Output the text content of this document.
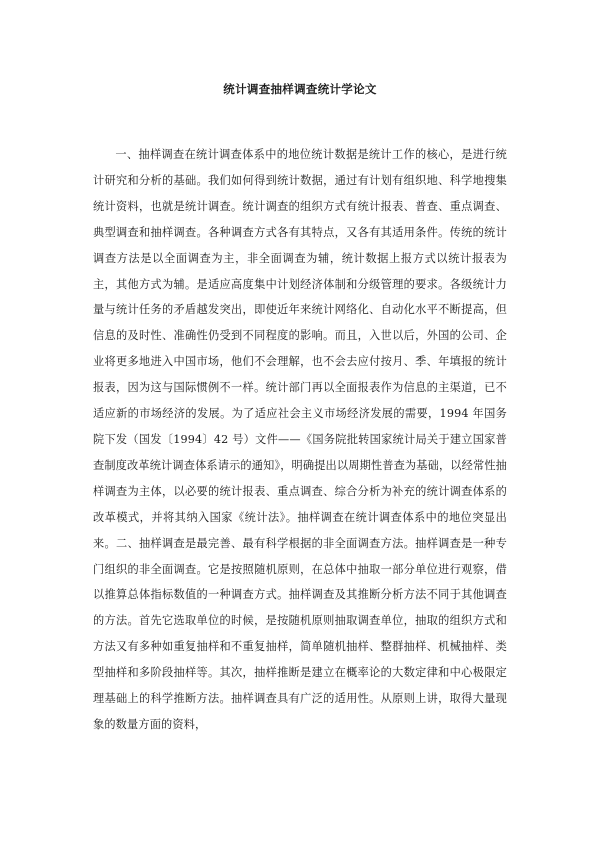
统计调查抽样调查统计学论文

一、抽样调查在统计调查体系中的地位统计数据是统计工作的核心，是进行统计研究和分析的基础。我们如何得到统计数据，通过有计划有组织地、科学地搜集统计资料，也就是统计调查。统计调查的组织方式有统计报表、普查、重点调查、典型调查和抽样调查。各种调查方式各有其特点，又各有其适用条件。传统的统计调查方法是以全面调查为主，非全面调查为辅，统计数据上报方式以统计报表为主，其他方式为辅。是适应高度集中计划经济体制和分级管理的要求。各级统计力量与统计任务的矛盾越发突出，即使近年来统计网络化、自动化水平不断提高，但信息的及时性、准确性仍受到不同程度的影响。而且，入世以后，外国的公司、企业将更多地进入中国市场，他们不会理解，也不会去应付按月、季、年填报的统计报表，因为这与国际惯例不一样。统计部门再以全面报表作为信息的主渠道，已不适应新的市场经济的发展。为了适应社会主义市场经济发展的需要，1994 年国务院下发（国发〔1994〕42 号）文件——《国务院批转国家统计局关于建立国家普查制度改革统计调查体系请示的通知》，明确提出以周期性普查为基础，以经常性抽样调查为主体，以必要的统计报表、重点调查、综合分析为补充的统计调查体系的改革模式，并将其纳入国家《统计法》。抽样调查在统计调查体系中的地位突显出来。二、抽样调查是最完善、最有科学根据的非全面调查方法。抽样调查是一种专门组织的非全面调查。它是按照随机原则，在总体中抽取一部分单位进行观察，借以推算总体指标数值的一种调查方式。抽样调查及其推断分析方法不同于其他调查的方法。首先它选取单位的时候，是按随机原则抽取调查单位，抽取的组织方式和方法又有多种如重复抽样和不重复抽样，简单随机抽样、整群抽样、机械抽样、类型抽样和多阶段抽样等。其次，抽样推断是建立在概率论的大数定律和中心极限定理基础上的科学推断方法。抽样调查具有广泛的适用性。从原则上讲，取得大量现象的数量方面的资料，
